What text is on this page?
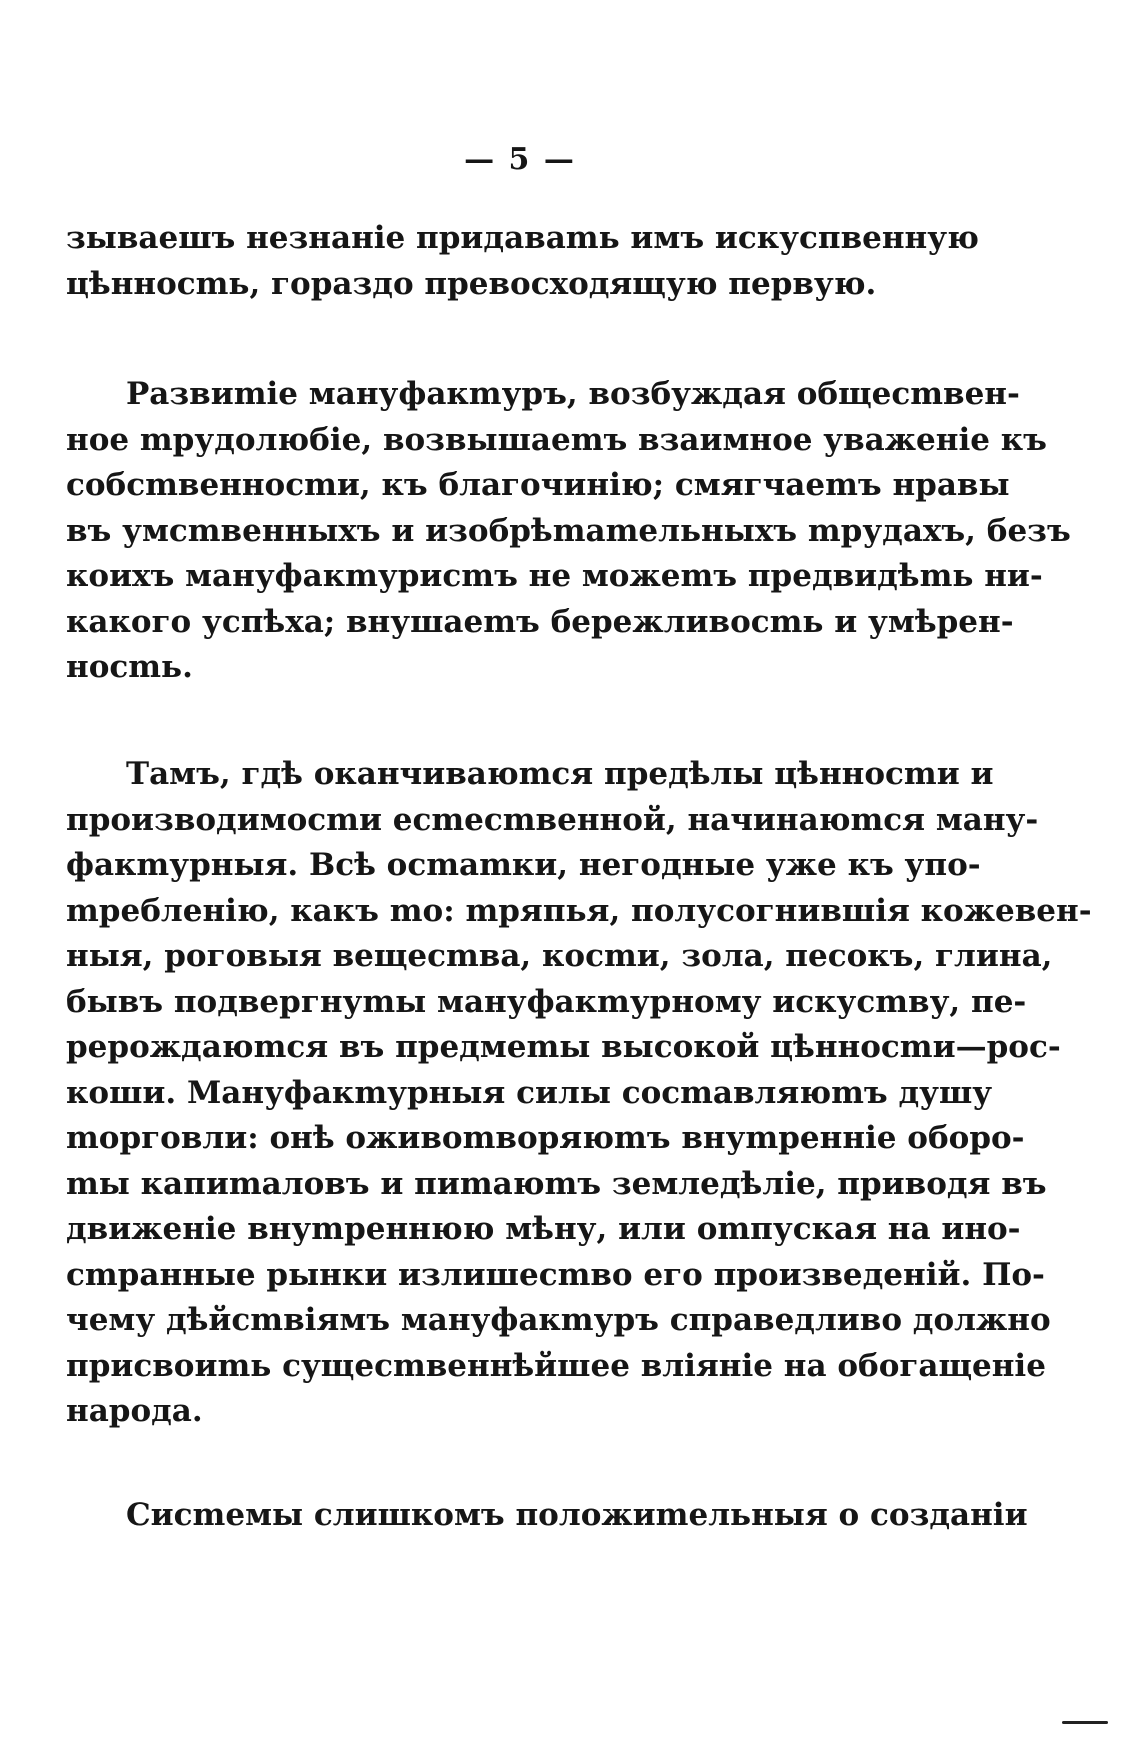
— 5 —
зываешъ незнаніе придаваmь имъ искуспвенную
цѣнносmь, гораздо превосходящую первую.
Развиmіе мануфакmуръ, возбуждая общесmвен-
ное mрудолюбіе, возвышаеmъ взаимное уваженіе къ
собсmвенносmи, къ благочинію; смягчаеmъ нравы
въ умсmвенныхъ и изобрѣmаmельныхъ mрудахъ, безъ
коихъ мануфакmурисmъ не можеmъ предвидѣmь ни-
какого успѣха; внушаеmъ бережливосmь и умѣрен-
носmь.
Тамъ, гдѣ оканчиваюmся предѣлы цѣнносmи и
производимосmи есmесmвенной, начинаюmся ману-
факmурныя. Всѣ осmаmки, негодные уже къ упо-
mребленію, какъ mо: mряпья, полусогнившія кожевен-
ныя, роговыя вещесmва, косmи, зола, песокъ, глина,
бывъ подвергнуmы мануфакmурному искусmву, пе-
рерождаюmся въ предмеmы высокой цѣнносmи—рос-
коши. Мануфакmурныя силы сосmавляюmъ душу
mорговли: онѣ оживоmворяюmъ внуmренніе оборо-
mы капиmаловъ и пиmаюmъ земледѣліе, приводя въ
движеніе внуmреннюю мѣну, или оmпуская на ино-
сmранные рынки излишесmво его произведеній. По-
чему дѣйсmвіямъ мануфакmуръ справедливо должно
присвоиmь сущесmвеннѣйшее вліяніе на обогащеніе
народа.
Сисmемы слишкомъ положиmельныя о созданіи
